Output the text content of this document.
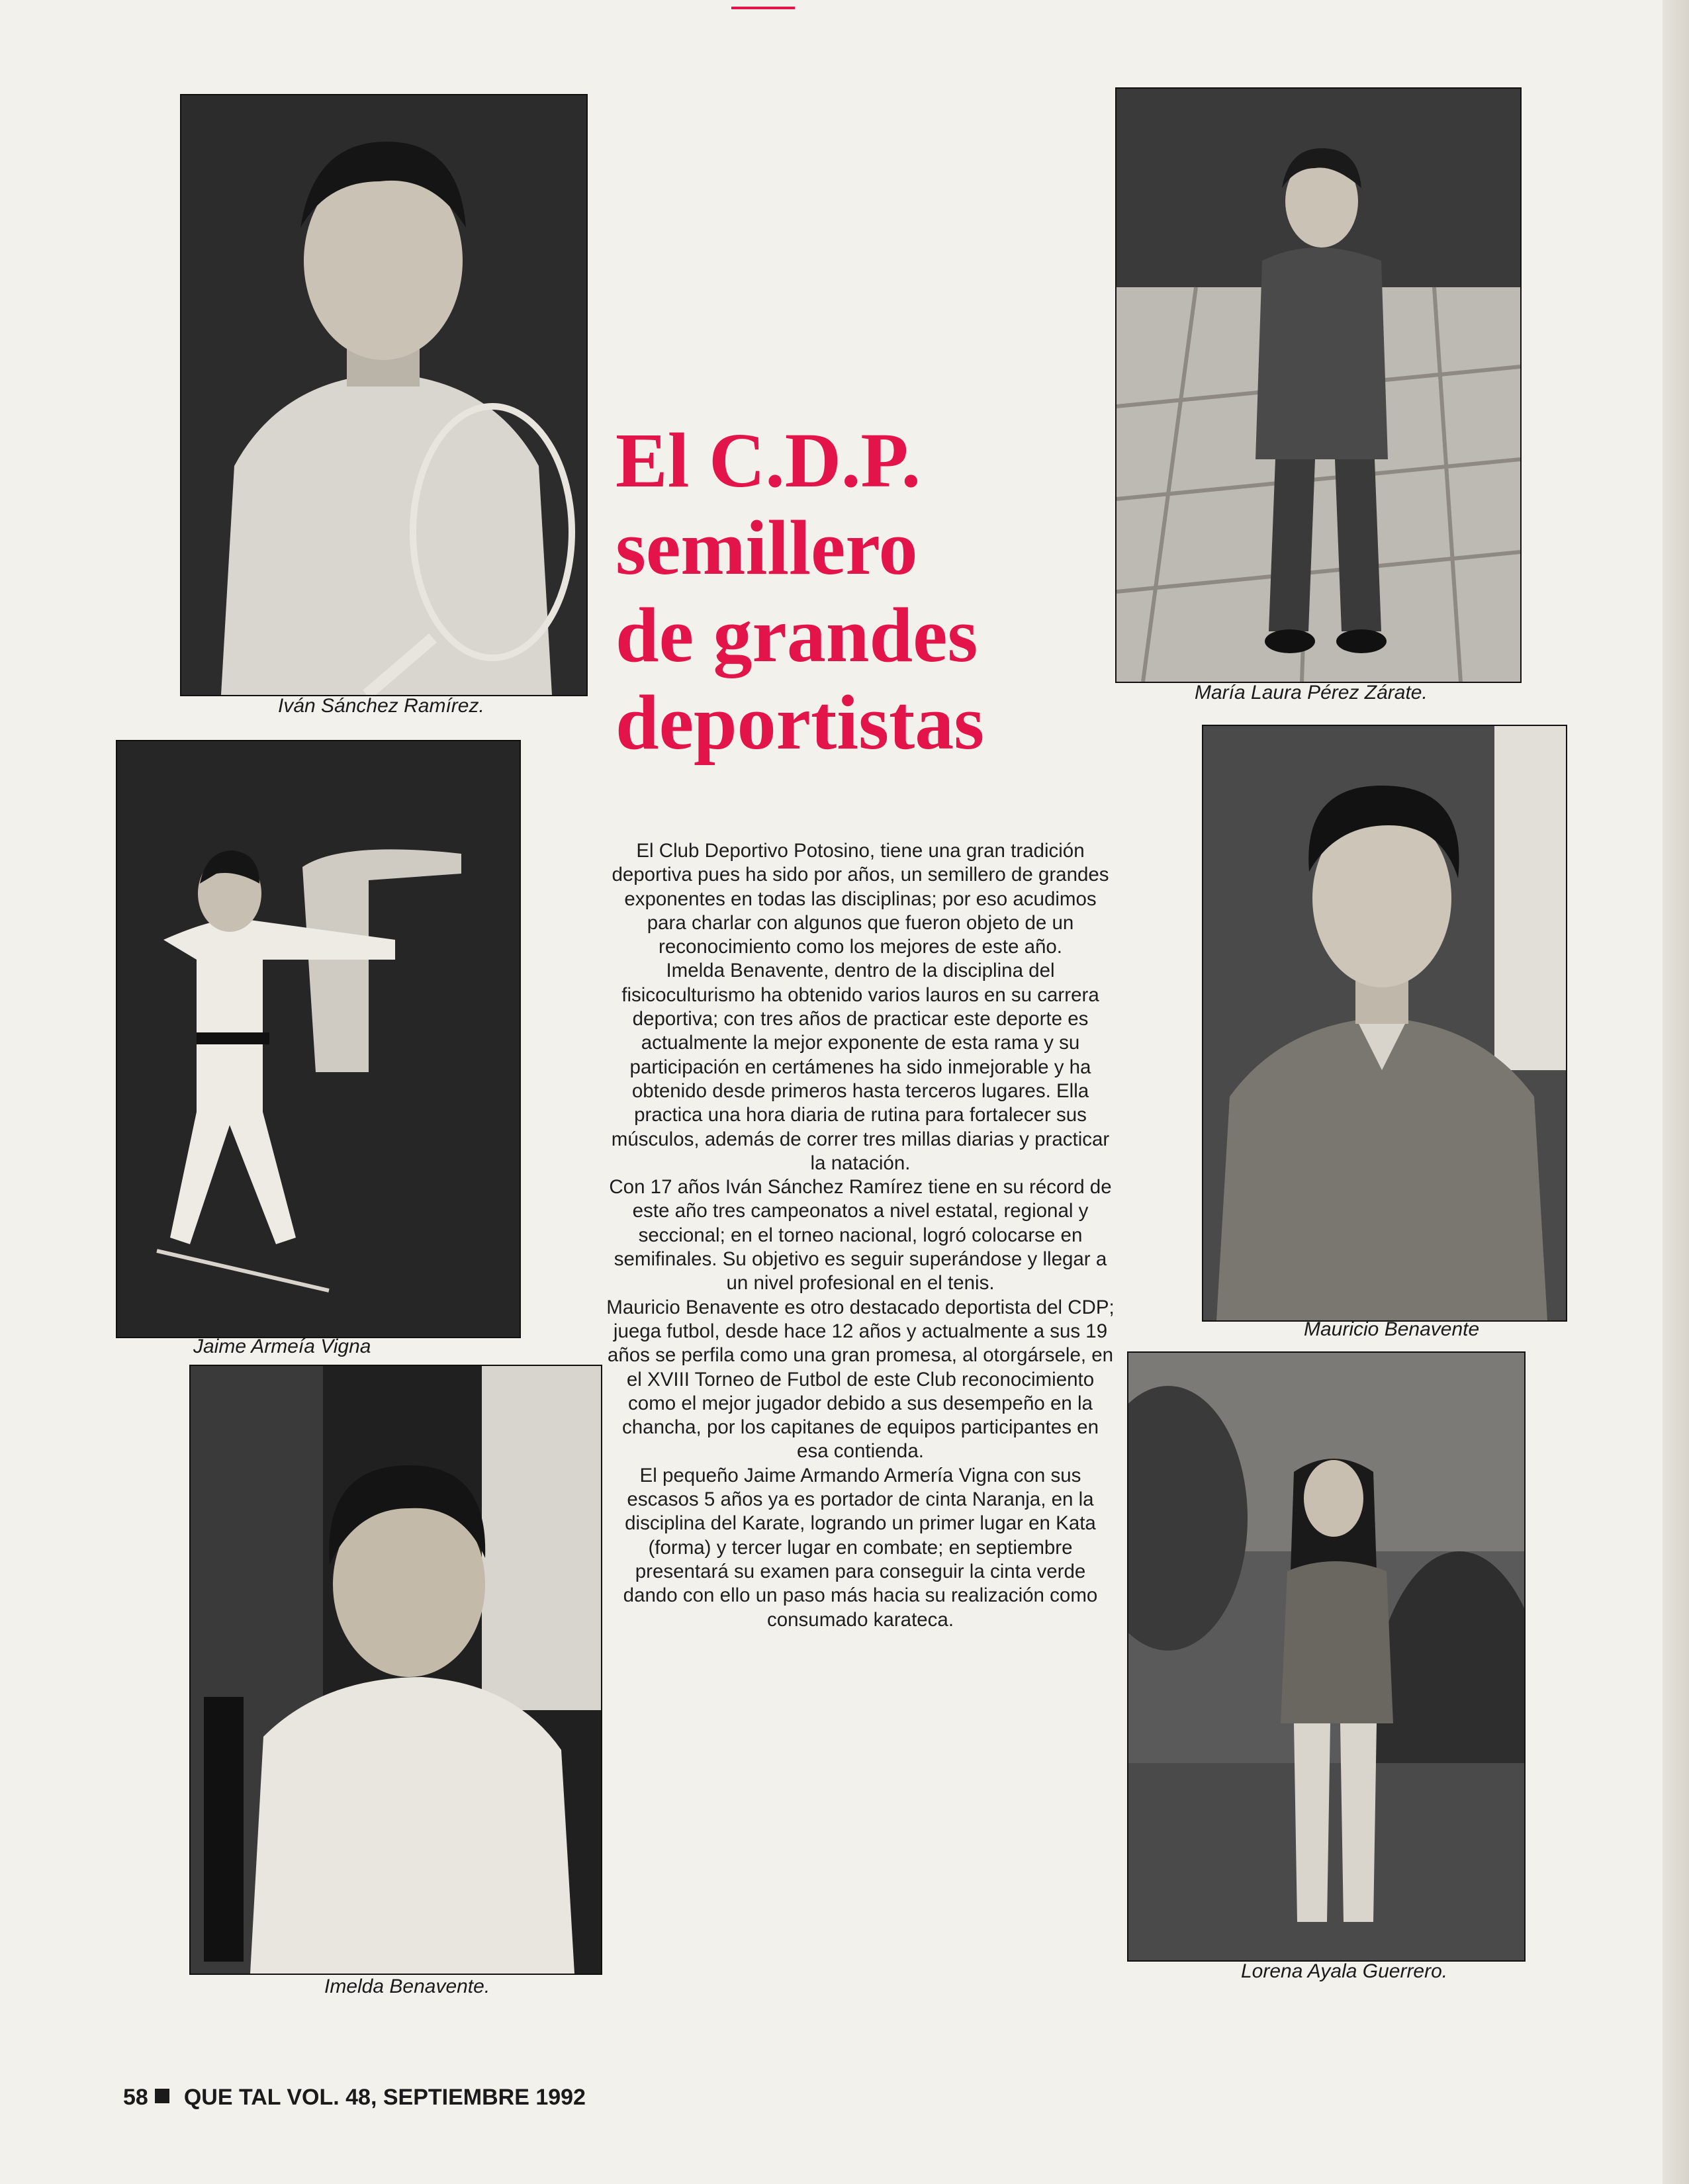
Iván Sánchez Ramírez.
María Laura Pérez Zárate.
Jaime Armeía Vigna
Mauricio Benavente
Imelda Benavente.
Lorena Ayala Guerrero.
El C.D.P.
semillero
de grandes
deportistas

El Club Deportivo Potosino, tiene una gran tradición deportiva pues ha sido por años, un semillero de grandes exponentes en todas las disciplinas; por eso acudimos para charlar con algunos que fueron objeto de un reconocimiento como los mejores de este año.

Imelda Benavente, dentro de la disciplina del fisicoculturismo ha obtenido varios lauros en su carrera deportiva; con tres años de practicar este deporte es actualmente la mejor exponente de esta rama y su participación en certámenes ha sido inmejorable y ha obtenido desde primeros hasta terceros lugares. Ella practica una hora diaria de rutina para fortalecer sus músculos, además de correr tres millas diarias y practicar la natación.

Con 17 años Iván Sánchez Ramírez tiene en su récord de este año tres campeonatos a nivel estatal, regional y seccional; en el torneo nacional, logró colocarse en semifinales. Su objetivo es seguir superándose y llegar a un nivel profesional en el tenis.

Mauricio Benavente es otro destacado deportista del CDP; juega futbol, desde hace 12 años y actualmente a sus 19 años se perfila como una gran promesa, al otorgársele, en el XVIII Torneo de Futbol de este Club reconocimiento como el mejor jugador debido a sus desempeño en la chancha, por los capitanes de equipos participantes en esa contienda.

El pequeño Jaime Armando Armería Vigna con sus escasos 5 años ya es portador de cinta Naranja, en la disciplina del Karate, logrando un primer lugar en Kata (forma) y tercer lugar en combate; en septiembre presentará su examen para conseguir la cinta verde dando con ello un paso más hacia su realización como consumado karateca.

58 QUE TAL VOL. 48, SEPTIEMBRE 1992
